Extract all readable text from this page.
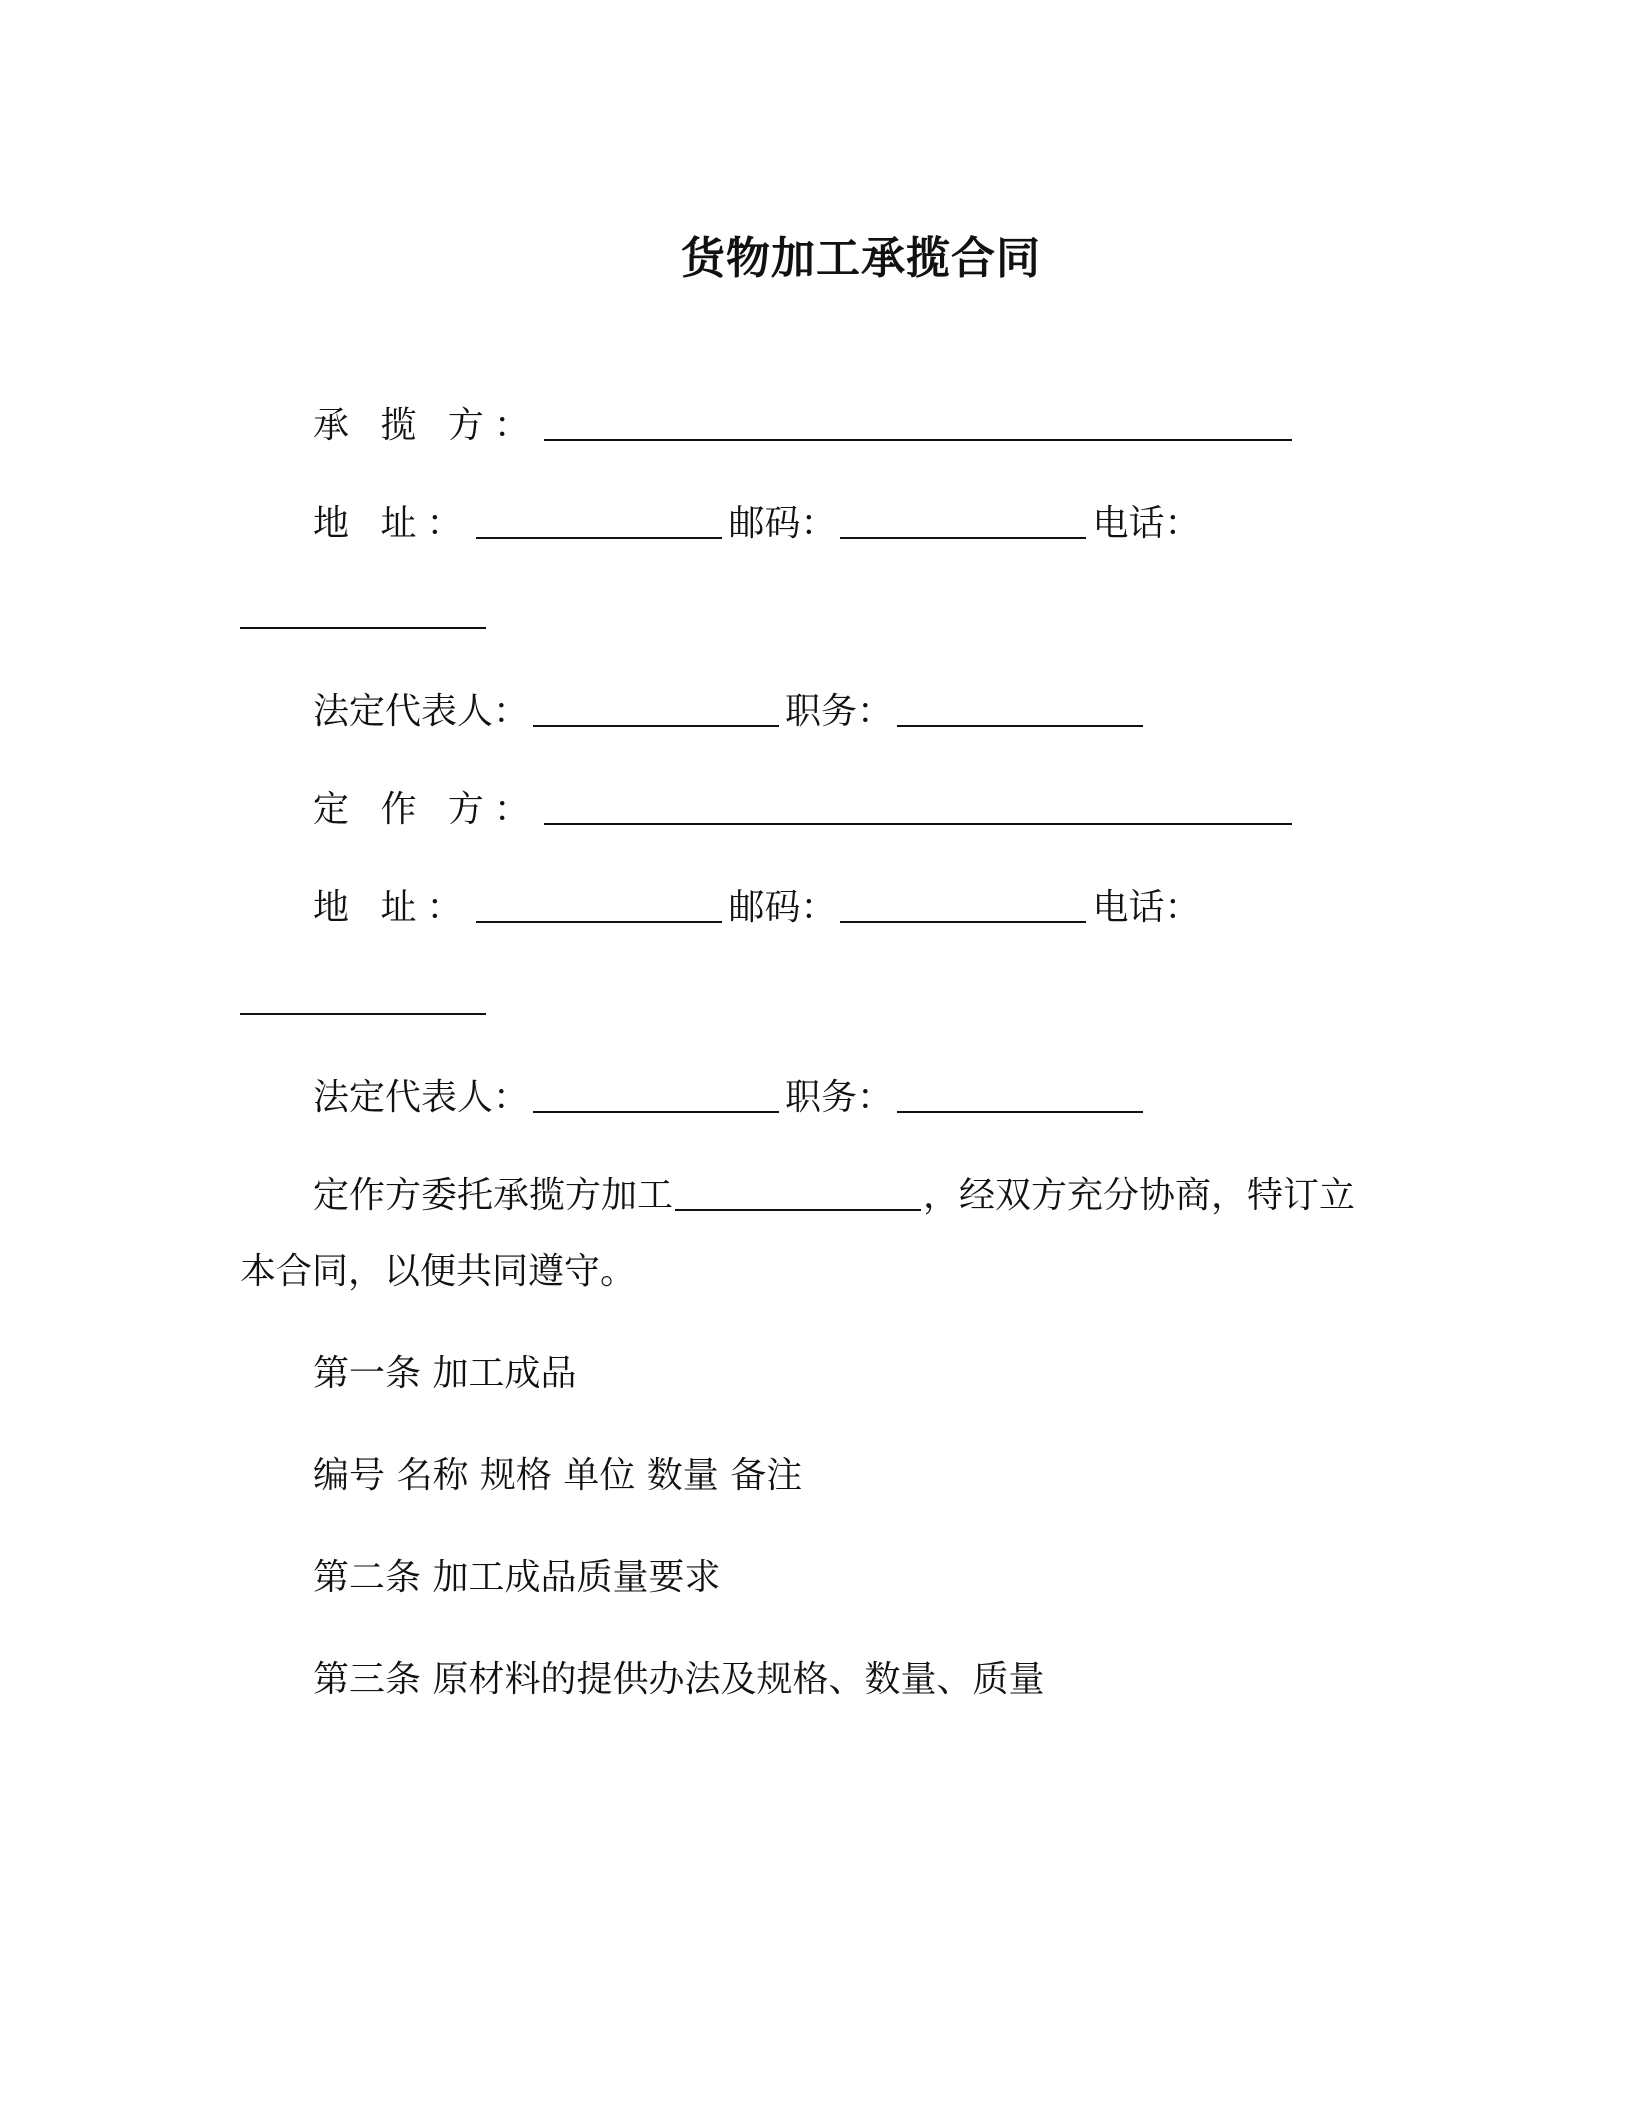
货物加工承揽合同
承 揽 方：
地 址：	邮码：	电话：
法定代表人：	职务：
定 作 方：
地 址：	邮码：	电话：
法定代表人：	职务：
定作方委托承揽方加工	，经双方充分协商，特订立
本合同，以便共同遵守。
第一条 加工成品
编号 名称 规格 单位 数量 备注
第二条 加工成品质量要求
第三条 原材料的提供办法及规格、数量、质量
